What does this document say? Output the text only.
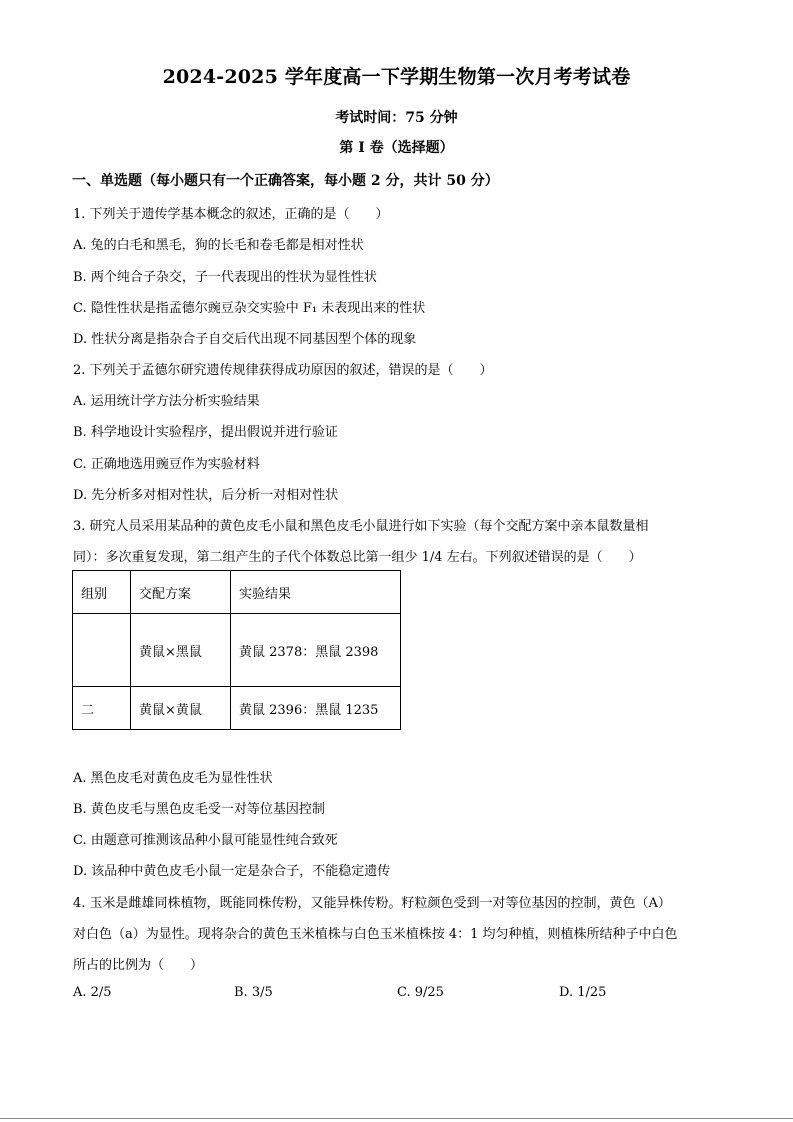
2024-2025 学年度高一下学期生物第一次月考考试卷
考试时间：75 分钟
第 I 卷（选择题）
一、单选题（每小题只有一个正确答案，每小题 2 分，共计 50 分）
1. 下列关于遗传学基本概念的叙述，正确的是（　　）
A. 兔的白毛和黑毛，狗的长毛和卷毛都是相对性状
B. 两个纯合子杂交，子一代表现出的性状为显性性状
C. 隐性性状是指孟德尔豌豆杂交实验中 F₁ 未表现出来的性状
D. 性状分离是指杂合子自交后代出现不同基因型个体的现象
2. 下列关于孟德尔研究遗传规律获得成功原因的叙述，错误的是（　　）
A. 运用统计学方法分析实验结果
B. 科学地设计实验程序，提出假说并进行验证
C. 正确地选用豌豆作为实验材料
D. 先分析多对相对性状，后分析一对相对性状
3. 研究人员采用某品种的黄色皮毛小鼠和黑色皮毛小鼠进行如下实验（每个交配方案中亲本鼠数量相
同）：多次重复发现，第二组产生的子代个体数总比第一组少 1/4 左右。下列叙述错误的是（　　）
组别	交配方案	实验结果
	黄鼠×黑鼠	黄鼠 2378：黑鼠 2398
二	黄鼠×黄鼠	黄鼠 2396：黑鼠 1235
A. 黑色皮毛对黄色皮毛为显性性状
B. 黄色皮毛与黑色皮毛受一对等位基因控制
C. 由题意可推测该品种小鼠可能显性纯合致死
D. 该品种中黄色皮毛小鼠一定是杂合子，不能稳定遗传
4. 玉米是雌雄同株植物，既能同株传粉，又能异株传粉。籽粒颜色受到一对等位基因的控制，黄色（A）
对白色（a）为显性。现将杂合的黄色玉米植株与白色玉米植株按 4：1 均匀种植，则植株所结种子中白色
所占的比例为（　　）
A. 2/5	B. 3/5	C. 9/25	D. 1/25
